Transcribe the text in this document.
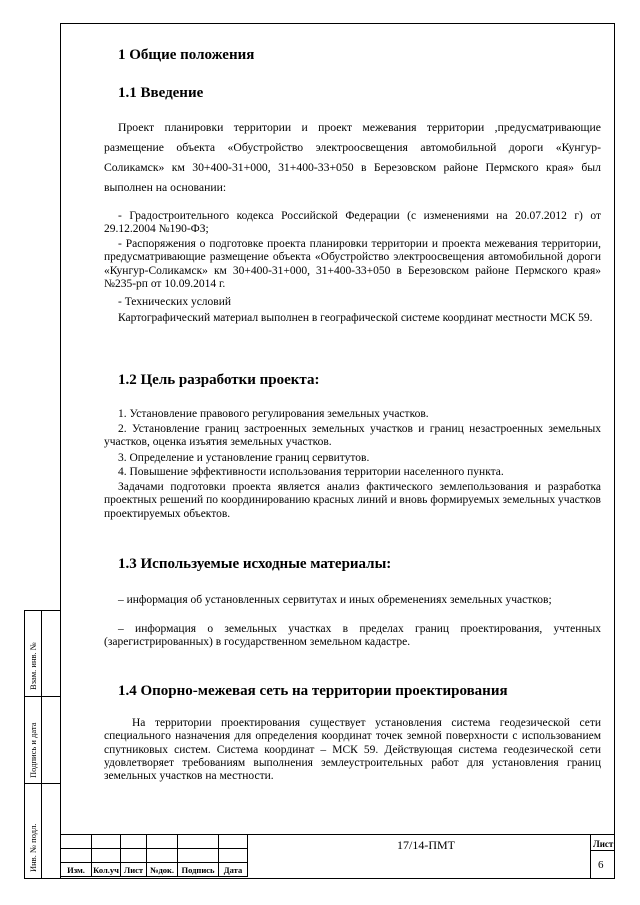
1 Общие положения
1.1 Введение
Проект планировки территории и проект межевания территории ,предусматривающие размещение объекта «Обустройство электроосвещения автомобильной дороги «Кунгур-Соликамск» км 30+400-31+000, 31+400-33+050 в Березовском районе Пермского края» был выполнен на основании:
- Градостроительного кодекса Российской Федерации (с изменениями на 20.07.2012 г) от 29.12.2004 №190-ФЗ;
- Распоряжения о подготовке проекта планировки территории и проекта межевания территории, предусматривающие размещение объекта «Обустройство электроосвещения автомобильной дороги «Кунгур-Соликамск» км 30+400-31+000, 31+400-33+050 в Березовском районе Пермского края» №235-рп от 10.09.2014 г.
- Технических условий
Картографический материал выполнен в географической системе координат местности МСК 59.
1.2 Цель разработки проекта:
1. Установление правового регулирования земельных участков.
2. Установление границ застроенных земельных участков и границ незастроенных земельных участков, оценка изъятия земельных участков.
3. Определение и установление границ сервитутов.
4. Повышение эффективности использования территории населенного пункта.
Задачами подготовки проекта является анализ фактического землепользования и разработка проектных решений по координированию красных линий и вновь формируемых земельных участков проектируемых объектов.
1.3 Используемые исходные материалы:
– информация об установленных сервитутах и иных обременениях земельных участков;
– информация о земельных участках в пределах границ проектирования, учтенных (зарегистрированных) в государственном земельном кадастре.
1.4 Опорно-межевая сеть на территории проектирования
На территории проектирования существует установления система геодезической сети специального назначения для определения координат точек земной поверхности с использованием спутниковых систем. Система координат – МСК 59. Действующая система геодезической сети удовлетворяет требованиям выполнения землеустроительных работ для установления границ земельных участков на местности.
Взам. инв. №
Подпись и дата
Инв. № подл.

						Изм.	Кол.уч	Лист	№док.	Подпись	Дата
17/14-ПМТ	Лист
6
